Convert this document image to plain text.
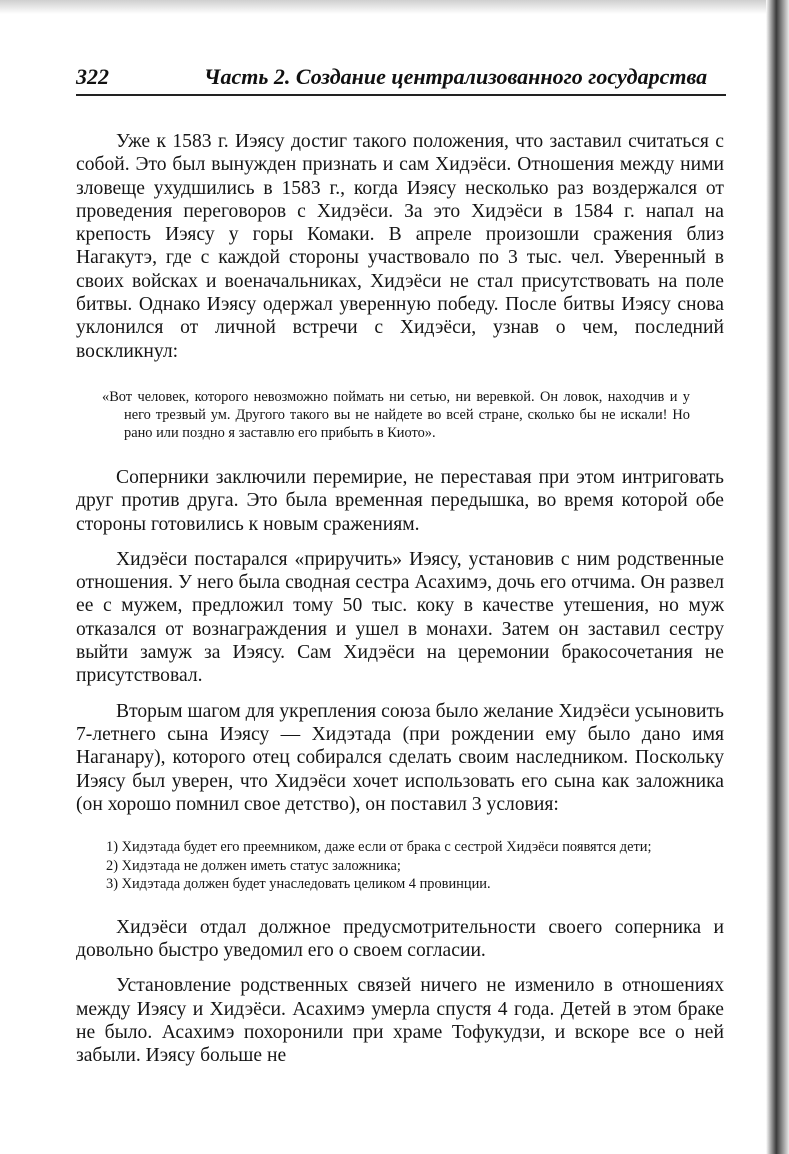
322	Часть 2. Создание централизованного государства

Уже к 1583 г. Иэясу достиг такого положения, что заставил считаться с собой. Это был вынужден признать и сам Хидэёси. Отношения между ними зловеще ухудшились в 1583 г., когда Иэясу несколько раз воздержался от проведения переговоров с Хидэёси. За это Хидэёси в 1584 г. напал на крепость Иэясу у горы Комаки. В апреле произошли сражения близ Нагакутэ, где с каждой стороны участвовало по 3 тыс. чел. Уверенный в своих войсках и военачальниках, Хидэёси не стал присутствовать на поле битвы. Однако Иэясу одержал уверенную победу. После битвы Иэясу снова уклонился от личной встречи с Хидэёси, узнав о чем, последний воскликнул:

«Вот человек, которого невозможно поймать ни сетью, ни веревкой. Он ловок, находчив и у него трезвый ум. Другого такого вы не найдете во всей стране, сколько бы не искали! Но рано или поздно я заставлю его прибыть в Киото».

Соперники заключили перемирие, не переставая при этом интриговать друг против друга. Это была временная передышка, во время которой обе стороны готовились к новым сражениям.

Хидэёси постарался «приручить» Иэясу, установив с ним родственные отношения. У него была сводная сестра Асахимэ, дочь его отчима. Он развел ее с мужем, предложил тому 50 тыс. коку в качестве утешения, но муж отказался от вознаграждения и ушел в монахи. Затем он заставил сестру выйти замуж за Иэясу. Сам Хидэёси на церемонии бракосочетания не присутствовал.

Вторым шагом для укрепления союза было желание Хидэёси усыновить 7-летнего сына Иэясу — Хидэтада (при рождении ему было дано имя Наганару), которого отец собирался сделать своим наследником. Поскольку Иэясу был уверен, что Хидэёси хочет использовать его сына как заложника (он хорошо помнил свое детство), он поставил 3 условия:

1) Хидэтада будет его преемником, даже если от брака с сестрой Хидэёси появятся дети;
2) Хидэтада не должен иметь статус заложника;
3) Хидэтада должен будет унаследовать целиком 4 провинции.

Хидэёси отдал должное предусмотрительности своего соперника и довольно быстро уведомил его о своем согласии.

Установление родственных связей ничего не изменило в отношениях между Иэясу и Хидэёси. Асахимэ умерла спустя 4 года. Детей в этом браке не было. Асахимэ похоронили при храме Тофукудзи, и вскоре все о ней забыли. Иэясу больше не
